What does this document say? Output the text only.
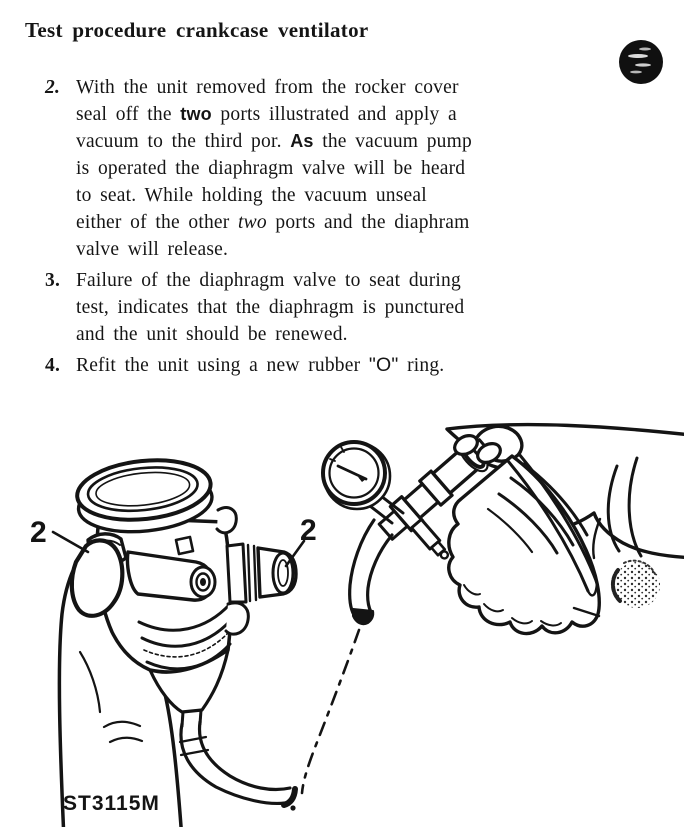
Test procedure crankcase ventilator
2. With the unit removed from the rocker cover
seal off the two ports illustrated and apply a
vacuum to the third por. As the vacuum pump
is operated the diaphragm valve will be heard
to seat. While holding the vacuum unseal
either of the other two ports and the diaphram
valve will release.
3. Failure of the diaphragm valve to seat during
test, indicates that the diaphragm is punctured
and the unit should be renewed.
4. Refit the unit using a new rubber "O" ring.
2	2
ST3115M
